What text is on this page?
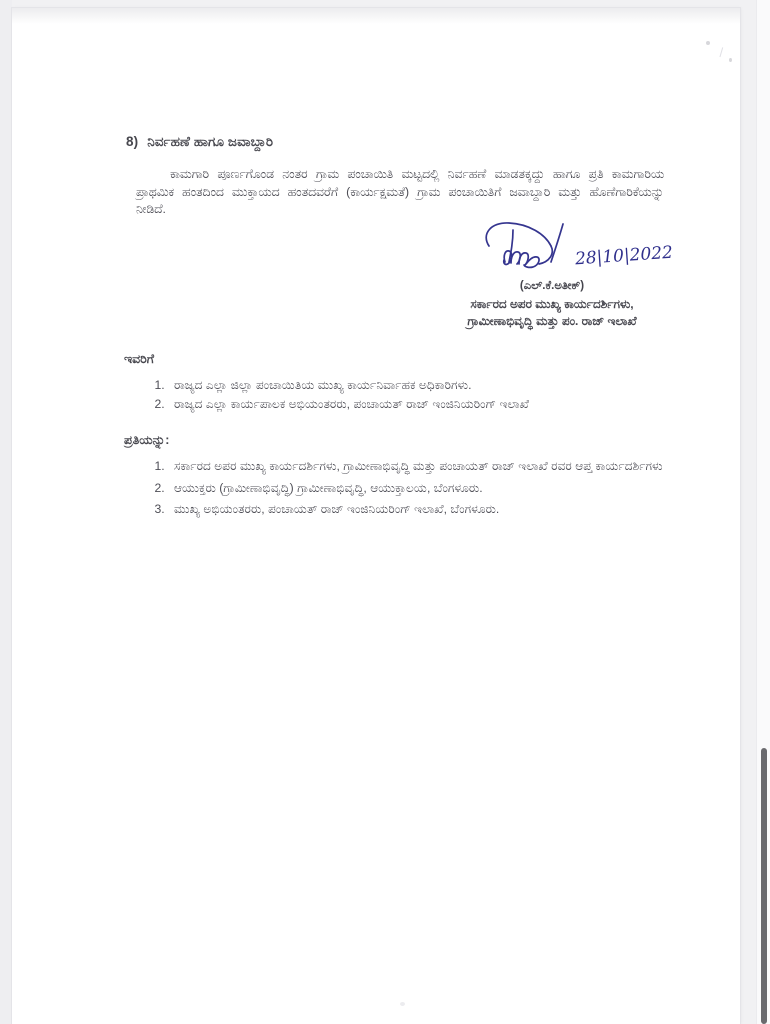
8) ನಿರ್ವಹಣೆ ಹಾಗೂ ಜವಾಬ್ದಾರಿ
ಕಾಮಗಾರಿ ಪೂರ್ಣಗೊಂಡ ನಂತರ ಗ್ರಾಮ ಪಂಚಾಯಿತಿ ಮಟ್ಟದಲ್ಲಿ ನಿರ್ವಹಣೆ ಮಾಡತಕ್ಕದ್ದು ಹಾಗೂ ಪ್ರತಿ ಕಾಮಗಾರಿಯ ಪ್ರಾಥಮಿಕ ಹಂತದಿಂದ ಮುಕ್ತಾಯದ ಹಂತದವರೆಗೆ (ಕಾರ್ಯಕ್ಷಮತೆ) ಗ್ರಾಮ ಪಂಚಾಯಿತಿಗೆ ಜವಾಬ್ದಾರಿ ಮತ್ತು ಹೊಣೆಗಾರಿಕೆಯನ್ನು ನೀಡಿದೆ.
28|10|2022
(ಎಲ್.ಕೆ.ಅತೀಕ್)
ಸರ್ಕಾರದ ಅಪರ ಮುಖ್ಯ ಕಾರ್ಯದರ್ಶಿಗಳು,
ಗ್ರಾಮೀಣಾಭಿವೃದ್ಧಿ ಮತ್ತು ಪಂ. ರಾಜ್ ಇಲಾಖೆ
ಇವರಿಗೆ
1. ರಾಜ್ಯದ ಎಲ್ಲಾ ಜಿಲ್ಲಾ ಪಂಚಾಯಿತಿಯ ಮುಖ್ಯ ಕಾರ್ಯನಿರ್ವಾಹಕ ಅಧಿಕಾರಿಗಳು.
2. ರಾಜ್ಯದ ಎಲ್ಲಾ ಕಾರ್ಯಪಾಲಕ ಅಭಿಯಂತರರು, ಪಂಚಾಯತ್ ರಾಜ್ ಇಂಜಿನಿಯರಿಂಗ್ ಇಲಾಖೆ
ಪ್ರತಿಯನ್ನು:
1. ಸರ್ಕಾರದ ಅಪರ ಮುಖ್ಯ ಕಾರ್ಯದರ್ಶಿಗಳು, ಗ್ರಾಮೀಣಾಭಿವೃದ್ಧಿ ಮತ್ತು ಪಂಚಾಯತ್ ರಾಜ್ ಇಲಾಖೆ ರವರ ಆಪ್ತ ಕಾರ್ಯದರ್ಶಿಗಳು
2. ಆಯುಕ್ತರು (ಗ್ರಾಮೀಣಾಭಿವೃದ್ಧಿ) ಗ್ರಾಮೀಣಾಭಿವೃದ್ಧಿ, ಆಯುಕ್ತಾಲಯ, ಬೆಂಗಳೂರು.
3. ಮುಖ್ಯ ಅಭಿಯಂತರರು, ಪಂಚಾಯತ್ ರಾಜ್ ಇಂಜಿನಿಯರಿಂಗ್ ಇಲಾಖೆ, ಬೆಂಗಳೂರು.
